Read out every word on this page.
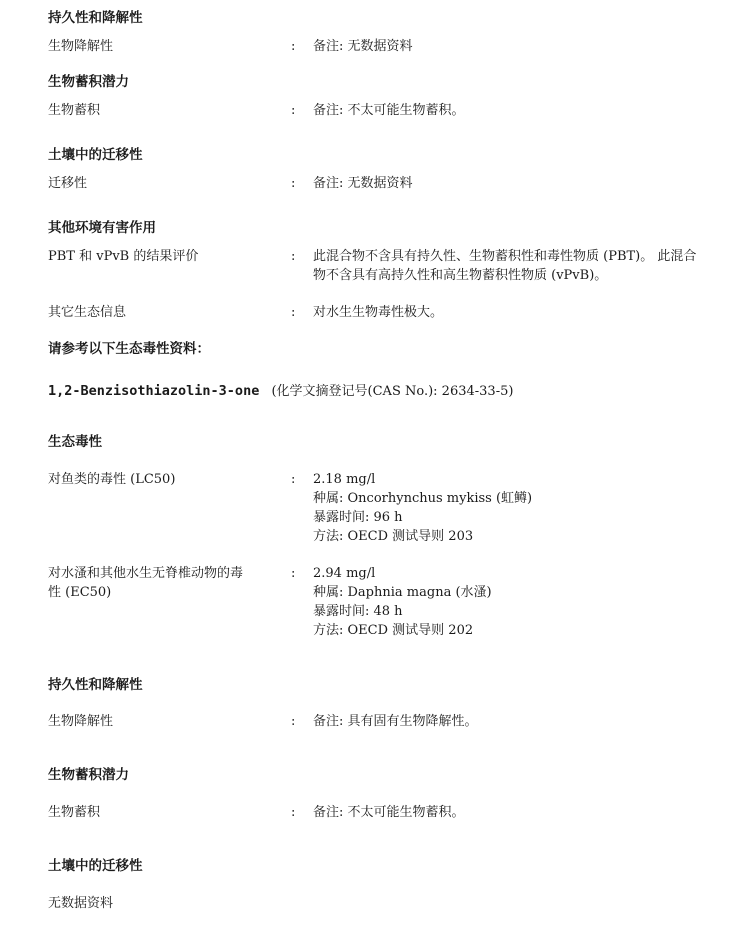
持久性和降解性
生物降解性	: 备注: 无数据资料
生物蓄积潜力
生物蓄积	: 备注: 不太可能生物蓄积。
土壤中的迁移性
迁移性	: 备注: 无数据资料
其他环境有害作用
PBT 和 vPvB 的结果评价	: 此混合物不含具有持久性、生物蓄积性和毒性物质 (PBT)。 此混合
物不含具有高持久性和高生物蓄积性物质 (vPvB)。
其它生态信息	: 对水生生物毒性极大。
请参考以下生态毒性资料：
1,2-Benzisothiazolin-3-one (化学文摘登记号(CAS No.): 2634-33-5)
生态毒性
对鱼类的毒性 (LC50)	: 2.18 mg/l
种属: Oncorhynchus mykiss (虹鳟)
暴露时间: 96 h
方法: OECD 测试导则 203
对水溞和其他水生无脊椎动物的毒
性 (EC50)
: 2.94 mg/l
种属: Daphnia magna (水溞)
暴露时间: 48 h
方法: OECD 测试导则 202
持久性和降解性
生物降解性	: 备注: 具有固有生物降解性。
生物蓄积潜力
生物蓄积	: 备注: 不太可能生物蓄积。
土壤中的迁移性
无数据资料
